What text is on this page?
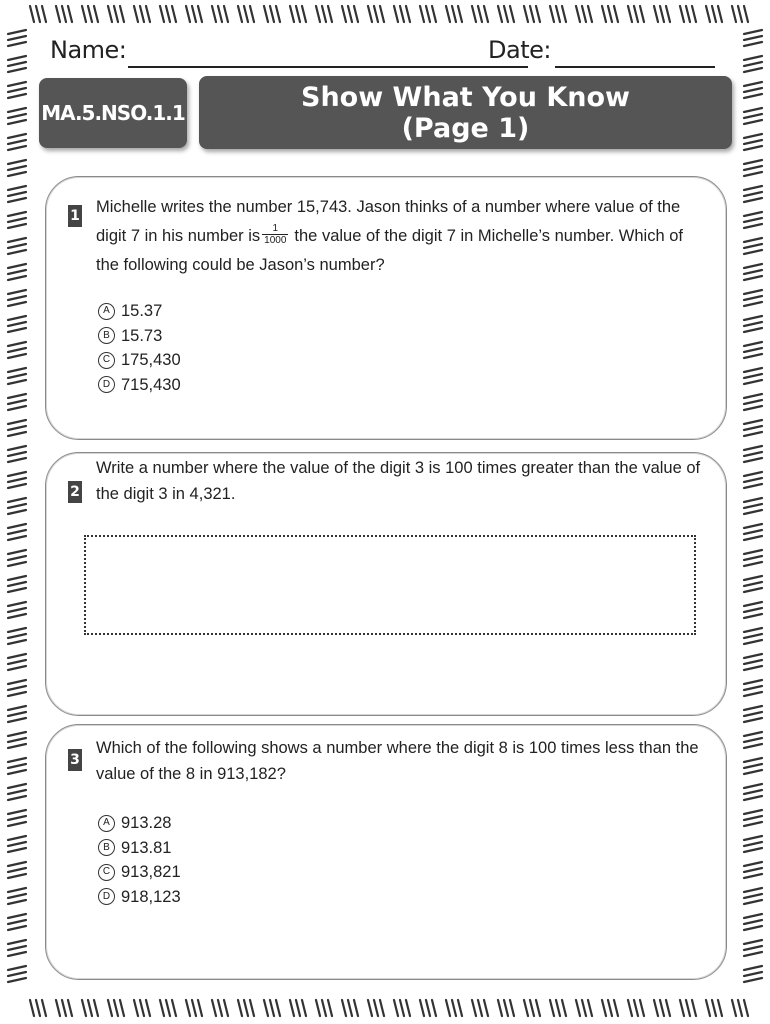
Name:	Date:
MA.5.NSO.1.1	Show What You Know
(Page 1)
1 Michelle writes the number 15,743. Jason thinks of a number where value of the digit 7 in his number is $\frac{1}{1000}$ the value of the digit 7 in Michelle’s number. Which of the following could be Jason’s number?
A 15.37
B 15.73
C 175,430
D 715,430
2
Write a number where the value of the digit 3 is 100 times greater than the value of the digit 3 in 4,321.
3
Which of the following shows a number where the digit 8 is 100 times less than the value of the 8 in 913,182?
A 913.28
B 913.81
C 913,821
D 918,123
